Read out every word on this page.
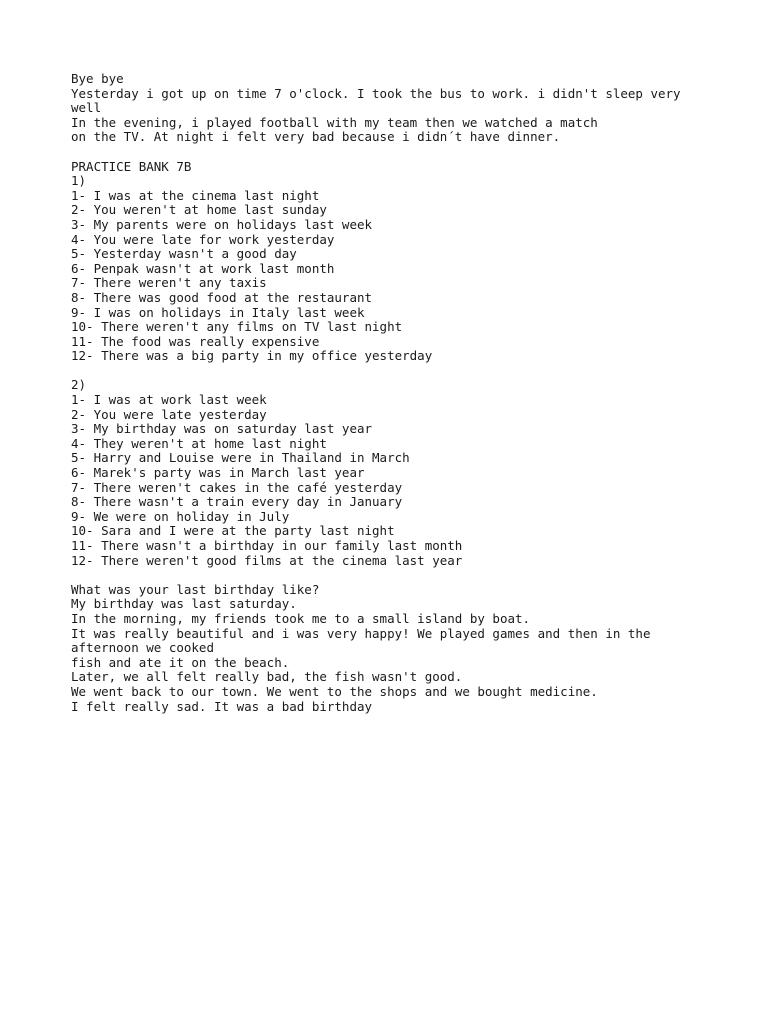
Bye bye
Yesterday i got up on time 7 o'clock. I took the bus to work. i didn't sleep very
well
In the evening, i played football with my team then we watched a match
on the TV. At night i felt very bad because i didn´t have dinner.
PRACTICE BANK 7B
1)
1- I was at the cinema last night
2- You weren't at home last sunday
3- My parents were on holidays last week
4- You were late for work yesterday
5- Yesterday wasn't a good day
6- Penpak wasn't at work last month
7- There weren't any taxis
8- There was good food at the restaurant
9- I was on holidays in Italy last week
10- There weren't any films on TV last night
11- The food was really expensive
12- There was a big party in my office yesterday
2)
1- I was at work last week
2- You were late yesterday
3- My birthday was on saturday last year
4- They weren't at home last night
5- Harry and Louise were in Thailand in March
6- Marek's party was in March last year
7- There weren't cakes in the café yesterday
8- There wasn't a train every day in January
9- We were on holiday in July
10- Sara and I were at the party last night
11- There wasn't a birthday in our family last month
12- There weren't good films at the cinema last year
What was your last birthday like?
My birthday was last saturday.
In the morning, my friends took me to a small island by boat.
It was really beautiful and i was very happy! We played games and then in the
afternoon we cooked
fish and ate it on the beach.
Later, we all felt really bad, the fish wasn't good.
We went back to our town. We went to the shops and we bought medicine.
I felt really sad. It was a bad birthday
